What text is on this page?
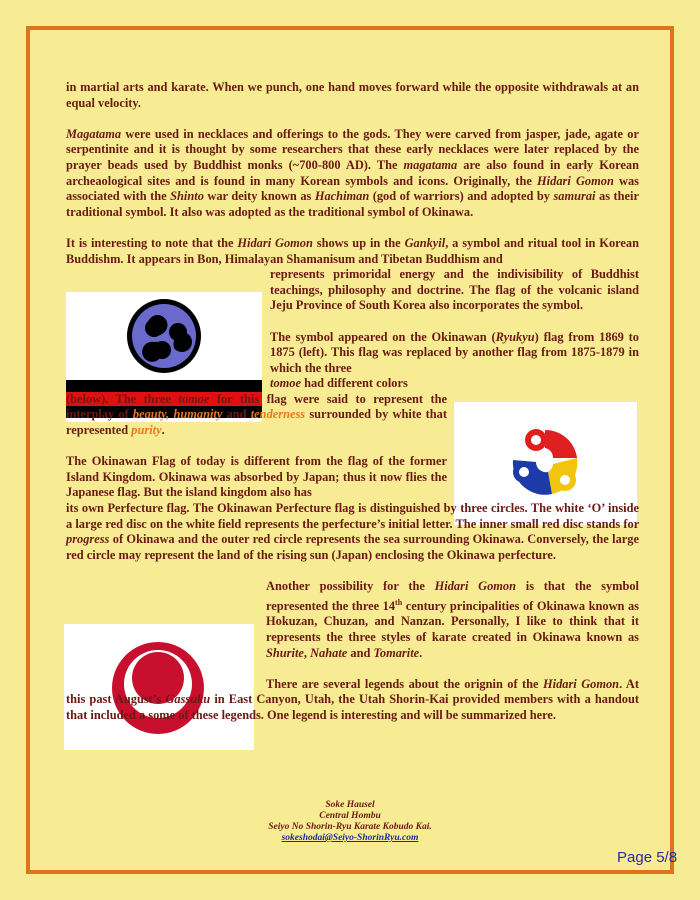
in martial arts and karate. When we punch, one hand moves forward while the opposite withdrawals at an equal velocity.

Magatama were used in necklaces and offerings to the gods. They were carved from jasper, jade, agate or serpentinite and it is thought by some researchers that these early necklaces were later replaced by the prayer beads used by Buddhist monks (~700-800 AD). The magatama are also found in early Korean archeaological sites and is found in many Korean symbols and icons. Originally, the Hidari Gomon was associated with the Shinto war deity known as Hachiman (god of warriors) and adopted by samurai as their traditional symbol. It also was adopted as the traditional symbol of Okinawa.

It is interesting to note that the Hidari Gomon shows up in the Gankyil, a symbol and ritual tool in Korean Buddishm. It appears in Bon, Himalayan Shamanisum and Tibetan Buddhism and

represents primoridal energy and the indivisibility of Buddhist teachings, philosophy and doctrine. The flag of the volcanic island Jeju Province of South Korea also incorporates the symbol.

The symbol appeared on the Okinawan (Ryukyu) flag from 1869 to 1875 (left). This flag was replaced by another flag from 1875-1879 in which the three

tomoe had different colors

(below). The three tomoe for this flag were said to represent the interplay of beauty, humanity and tenderness surrounded by white that represented purity.

The Okinawan Flag of today is different from the flag of the former Island Kingdom. Okinawa was absorbed by Japan; thus it now flies the Japanese flag. But the island kingdom also has

its own Perfecture flag. The Okinawan Perfecture flag is distinguished by three circles. The white ‘O’ inside a large red disc on the white field represents the perfecture’s initial letter. The inner small red disc stands for progress of Okinawa and the outer red circle represents the sea surrounding Okinawa. Conversely, the large red circle may represent the land of the rising sun (Japan) enclosing the Okinawa perfecture.

Another possibility for the Hidari Gomon is that the symbol represented the three 14th century principalities of Okinawa known as Hokuzan, Chuzan, and Nanzan. Personally, I like to think that it represents the three styles of karate created in Okinawa known as Shurite, Nahate and Tomarite.

There are several legends about the orignin of the Hidari Gomon. At this past August’s Gassuku in East Canyon, Utah, the Utah Shorin-Kai provided members with a handout that included a some of these legends. One legend is interesting and will be summarized here.

Soke Hausel
Central Hombu
Seiyo No Shorin-Ryu Karate Kobudo Kai.
sokeshodai@Seiyo-ShorinRyu.com
Page 5/8
